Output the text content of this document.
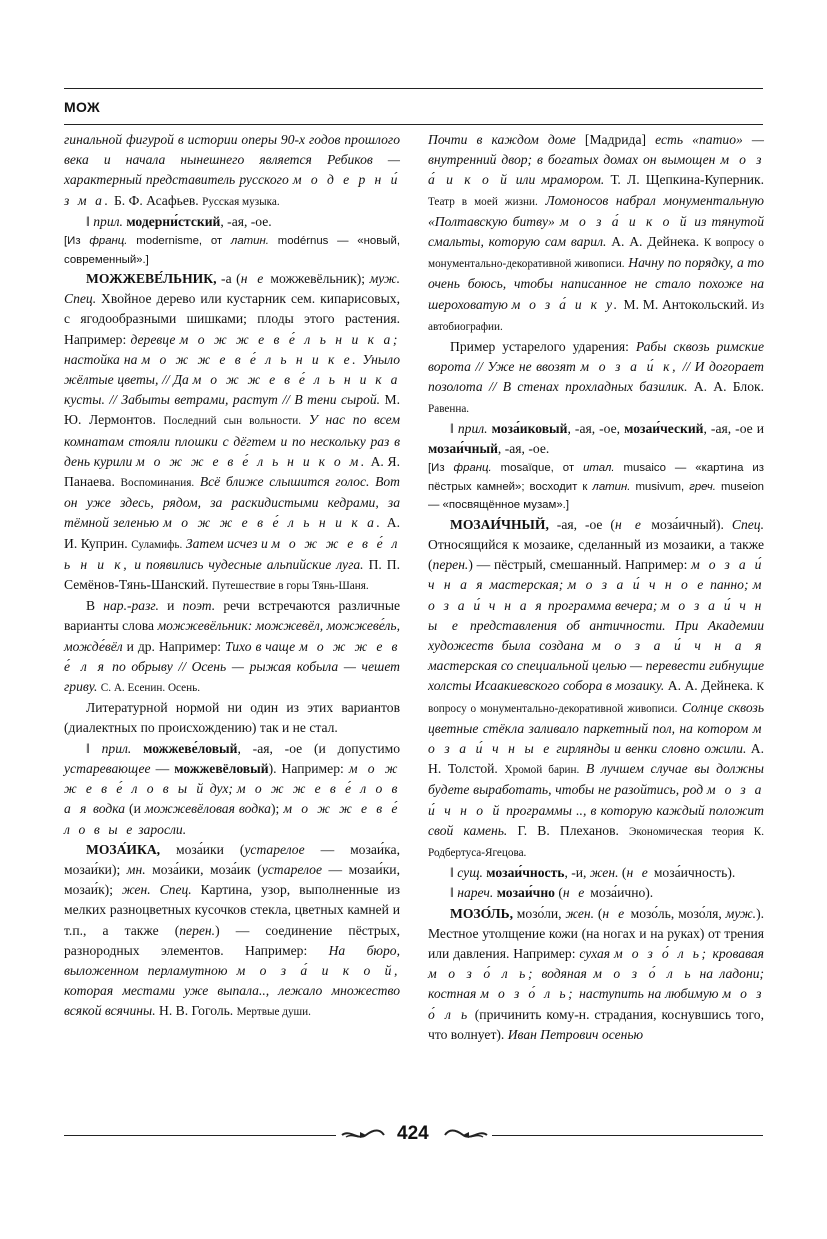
МОЖ

гинальной фигурой в истории оперы 90-х годов прошлого века и начала нынешнего является Ребиков — характерный представитель русского м о д е р н и́ з м а. Б. Ф. Асафьев. Русская музыка.

‖ прил. модерни́стский, -ая, -ое.

[Из франц. modernisme, от латин. modérnus — «новый, современный».]

МОЖЖЕВЕ́ЛЬНИК, -а (н е можжевёльник); муж. Спец. Хвойное дерево или кустарник сем. кипарисовых, с ягодообразными шишками; плоды этого растения. Например: деревце м о ж ж е в е́ л ь н и к а; настойка на м о ж ж е в е́ л ь н и к е. Уныло жёлтые цветы, // Да м о ж ж е в е́ л ь н и к а кусты. // Забыты ветрами, растут // В тени сырой. М. Ю. Лермонтов. Последний сын вольности. У нас по всем комнатам стояли плошки с дёгтем и по нескольку раз в день курили м о ж ж е в е́ л ь н и к о м. А. Я. Панаева. Воспоминания. Всё ближе слышится голос. Вот он уже здесь, рядом, за раскидистыми кедрами, за тёмной зеленью м о ж ж е в е́ л ь н и к а. А. И. Куприн. Суламифь. Затем исчез и м о ж ж е в е́ л ь н и к, и появились чудесные альпийские луга. П. П. Семёнов-Тянь-Шанский. Путешествие в горы Тянь-Шаня.

В нар.-разг. и поэт. речи встречаются различные варианты слова можжевёльник: можжевёл, можжеве́ль, можде́вёл и др. Например: Тихо в чаще м о ж ж е в е́ л я по обрыву // Осень — рыжая кобыла — чешет гриву. С. А. Есенин. Осень.

Литературной нормой ни один из этих вариантов (диалектных по происхождению) так и не стал.

‖ прил. можжеве́ловый, -ая, -ое (и допустимо устаревающее — можжевёловый). Например: м о ж ж е в е́ л о в ы й дух; м о ж ж е в е́ л о в а я водка (и можжевёловая водка); м о ж ж е в е́ л о в ы е заросли.

МОЗА́ИКА, моза́ики (устарелое — мозаи́ка, мозаи́ки); мн. моза́ики, моза́ик (устарелое — мозаи́ки, мозаи́к); жен. Спец. Картина, узор, выполненные из мелких разноцветных кусочков стекла, цветных камней и т.п., а также (перен.) — соединение пёстрых, разнородных элементов. Например: На бюро, выложенном перламутною м о з а́ и к о й, которая местами уже выпала.., лежало множество всякой всячины. Н. В. Гоголь. Мертвые души.

Почти в каждом доме [Мадрида] есть «патио» — внутренний двор; в богатых домах он вымощен м о з а́ и к о й или мрамором. Т. Л. Щепкина-Куперник. Театр в моей жизни. Ломоносов набрал монументальную «Полтавскую битву» м о з а́ и к о й из тянутой смальты, которую сам варил. А. А. Дейнека. К вопросу о монументально-декоративной живописи. Начну по порядку, а то очень боюсь, чтобы написанное не стало похоже на шероховатую м о з а́ и к у. М. М. Антокольский. Из автобиографии.

Пример устарелого ударения: Рабы сквозь римские ворота // Уже не ввозят м о з а и́ к, // И догорает позолота // В стенах прохладных базилик. А. А. Блок. Равенна.

‖ прил. моза́иковый, -ая, -ое, мозаи́ческий, -ая, -ое и мозаи́чный, -ая, -ое.

[Из франц. mosaïque, от итал. musaico — «картина из пёстрых камней»; восходит к латин. musivum, греч. museion — «посвящённое музам».]

МОЗАИ́ЧНЫЙ, -ая, -ое (н е моза́ичный). Спец. Относящийся к мозаике, сделанный из мозаики, а также (перен.) — пёстрый, смешанный. Например: м о з а и́ ч н а я мастерская; м о з а и́ ч н о е панно; м о з а и́ ч н а я программа вечера; м о з а и́ ч н ы е представления об античности. При Академии художеств была создана м о з а и́ ч н а я мастерская со специальной целью — перевести гибнущие холсты Исаакиевского собора в мозаику. А. А. Дейнека. К вопросу о монументально-декоративной живописи. Солнце сквозь цветные стёкла заливало паркетный пол, на котором м о з а и́ ч н ы е гирлянды и венки словно ожили. А. Н. Толстой. Хромой барин. В лучшем случае вы должны будете выработать, чтобы не разойтись, род м о з а и́ ч н о й программы .., в которую каждый положит свой камень. Г. В. Плеханов. Экономическая теория К. Родбертуса-Ягецова.

‖ сущ. мозаи́чность, -и, жен. (н е моза́ичность).

‖ нареч. мозаи́чно (н е моза́ично).

МОЗО́ЛЬ, мозо́ли, жен. (н е мозо́ль, мозо́ля, муж.). Местное утолщение кожи (на ногах и на руках) от трения или давления. Например: сухая м о з о́ л ь; кровавая м о з о́ л ь; водяная м о з о́ л ь на ладони; костная м о з о́ л ь; наступить на любимую м о з о́ л ь (причинить кому-н. страдания, коснувшись того, что волнует). Иван Петрович осенью

424
